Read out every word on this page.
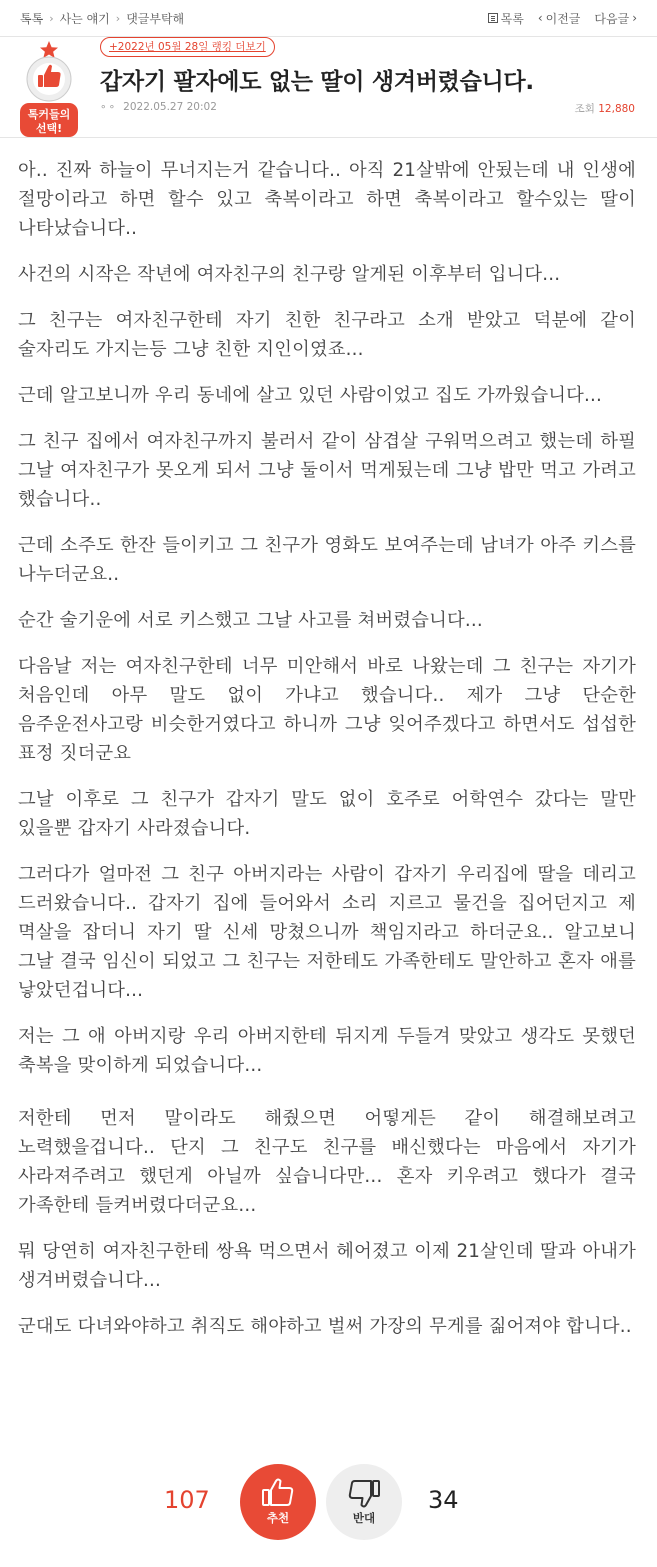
톡톡 › 사는 얘기 › 댓글부탁해	목록 ‹ 이전글 다음글 ›
톡커들의
선택!
+2022년 05월 28일 랭킹 더보기
갑자기 팔자에도 없는 딸이 생겨버렸습니다.
∘∘ 2022.05.27 20:02	조회 12,880

아.. 진짜 하늘이 무너지는거 같습니다.. 아직 21살밖에 안됬는데 내 인생에 절망이라고 하면 할수 있고 축복이라고 하면 축복이라고 할수있는 딸이 나타났습니다..

사건의 시작은 작년에 여자친구의 친구랑 알게된 이후부터 입니다...

그 친구는 여자친구한테 자기 친한 친구라고 소개 받았고 덕분에 같이 술자리도 가지는등 그냥 친한 지인이였죠...

근데 알고보니까 우리 동네에 살고 있던 사람이었고 집도 가까웠습니다...

그 친구 집에서 여자친구까지 불러서 같이 삼겹살 구워먹으려고 했는데 하필 그날 여자친구가 못오게 되서 그냥 둘이서 먹게됬는데 그냥 밥만 먹고 가려고 했습니다..

근데 소주도 한잔 들이키고 그 친구가 영화도 보여주는데 남녀가 아주 키스를 나누더군요..

순간 술기운에 서로 키스했고 그날 사고를 쳐버렸습니다...

다음날 저는 여자친구한테 너무 미안해서 바로 나왔는데 그 친구는 자기가 처음인데 아무 말도 없이 가냐고 했습니다.. 제가 그냥 단순한 음주운전사고랑 비슷한거였다고 하니까 그냥 잊어주겠다고 하면서도 섭섭한 표정 짓더군요

그날 이후로 그 친구가 갑자기 말도 없이 호주로 어학연수 갔다는 말만 있을뿐 갑자기 사라졌습니다.

그러다가 얼마전 그 친구 아버지라는 사람이 갑자기 우리집에 딸을 데리고 드러왔습니다.. 갑자기 집에 들어와서 소리 지르고 물건을 집어던지고 제 멱살을 잡더니 자기 딸 신세 망쳤으니까 책임지라고 하더군요.. 알고보니 그날 결국 임신이 되었고 그 친구는 저한테도 가족한테도 말안하고 혼자 애를 낳았던겁니다...

저는 그 애 아버지랑 우리 아버지한테 뒤지게 두들겨 맞았고 생각도 못했던 축복을 맞이하게 되었습니다...

저한테 먼저 말이라도 해줬으면 어떻게든 같이 해결해보려고 노력했을겁니다.. 단지 그 친구도 친구를 배신했다는 마음에서 자기가 사라져주려고 했던게 아닐까 싶습니다만... 혼자 키우려고 했다가 결국 가족한테 들켜버렸다더군요...

뭐 당연히 여자친구한테 쌍욕 먹으면서 헤어졌고 이제 21살인데 딸과 아내가 생겨버렸습니다...

군대도 다녀와야하고 취직도 해야하고 벌써 가장의 무게를 짊어져야 합니다..

107
추천	반대
34
